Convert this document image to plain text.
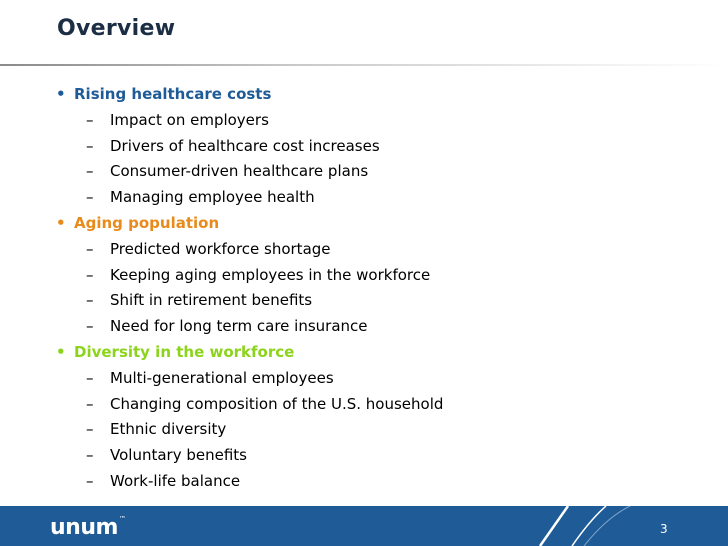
Overview
• Rising healthcare costs
– Impact on employers
– Drivers of healthcare cost increases
– Consumer-driven healthcare plans
– Managing employee health
• Aging population
– Predicted workforce shortage
– Keeping aging employees in the workforce
– Shift in retirement benefits
– Need for long term care insurance
• Diversity in the workforce
– Multi-generational employees
– Changing composition of the U.S. household
– Ethnic diversity
– Voluntary benefits
– Work-life balance
unum™
3
